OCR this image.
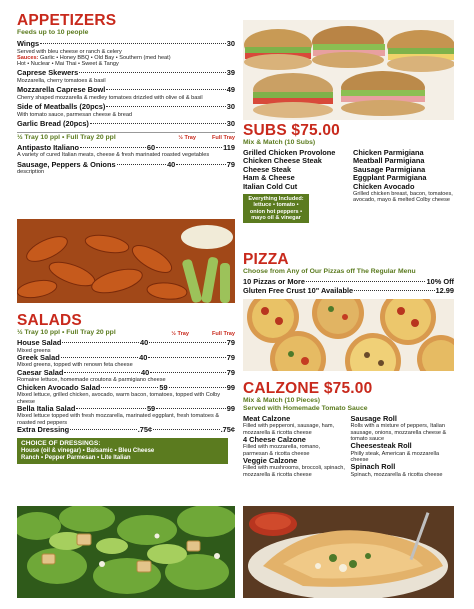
APPETIZERS
Feeds up to 10 people
Wings	30
Served with bleu cheese or ranch & celery
Sauces: Garlic • Honey BBQ • Old Bay • Southern (med heat)
Hot • Nuclear • Mai Thai • Sweet & Tangy
Caprese Skewers	39
Mozzarella, cherry tomatoes & basil
Mozzarella Caprese Bowl	49
Cherry shaped mozzarella & medley tomatoes drizzled with olive oil & basil
Side of Meatballs (20pcs)	30
With tomato sauce, parmesan cheese & bread
Garlic Bread (20pcs)	30
½ Tray 10 ppl • Full Tray 20 ppl	½ Tray	Full Tray
Antipasto Italiano	60	119
A variety of cured Italian meats, cheese & fresh marinated roasted vegetables
Sausage, Peppers & Onions	40	79
description
SALADS
½ Tray 10 ppl • Full Tray 20 ppl	½ Tray	Full Tray
House Salad	40	79
Mixed greens
Greek Salad	40	79
Mixed greens, topped with renown feta cheese
Caesar Salad	40	79
Romaine lettuce, homemade croutons & parmigiano cheese
Chicken Avocado Salad	59	99
Mixed lettuce, grilled chicken, avocado, warm bacon, tomatoes, topped with Colby cheese
Bella Italia Salad	59	99
Mixed lettuce topped with fresh mozzarella, marinated eggplant, fresh tomatoes & roasted red peppers
Extra Dressing	.75¢	.75¢
CHOICE OF DRESSINGS:
House (oil & vinegar) • Balsamic • Bleu Cheese
Ranch • Pepper Parmesan • Lite Italian
SUBS $75.00
Mix & Match (10 Subs)
Grilled Chicken Provolone
Chicken Cheese Steak
Cheese Steak
Ham & Cheese
Italian Cold Cut
Everything Included:
lettuce • tomato • onion hot peppers • mayo oil & vinegar
Chicken Parmigiana
Meatball Parmigiana
Sausage Parmigiana
Eggplant Parmigiana
Chicken Avocado
Grilled chicken breast, bacon, tomatoes, avocado, mayo & melted Colby cheese
PIZZA
Choose from Any of Our Pizzas off The Regular Menu
10 Pizzas or More	10% Off
Gluten Free Crust 10" Available	12.99
CALZONE $75.00
Mix & Match (10 Pieces)
Served with Homemade Tomato Sauce
Meat Calzone
Filled with pepperoni, sausage, ham, mozzarella & ricotta cheese
4 Cheese Calzone
Filled with mozzarella, romano, parmesan & ricotta cheese
Veggie Calzone
Filled with mushrooms, broccoli, spinach, mozzarella & ricotta cheese
Sausage Roll
Rolls with a mixture of peppers, Italian sausage, onions, mozzarella cheese & tomato sauce
Cheesesteak Roll
Philly steak, American & mozzarella cheese
Spinach Roll
Spinach, mozzarella & ricotta cheese
